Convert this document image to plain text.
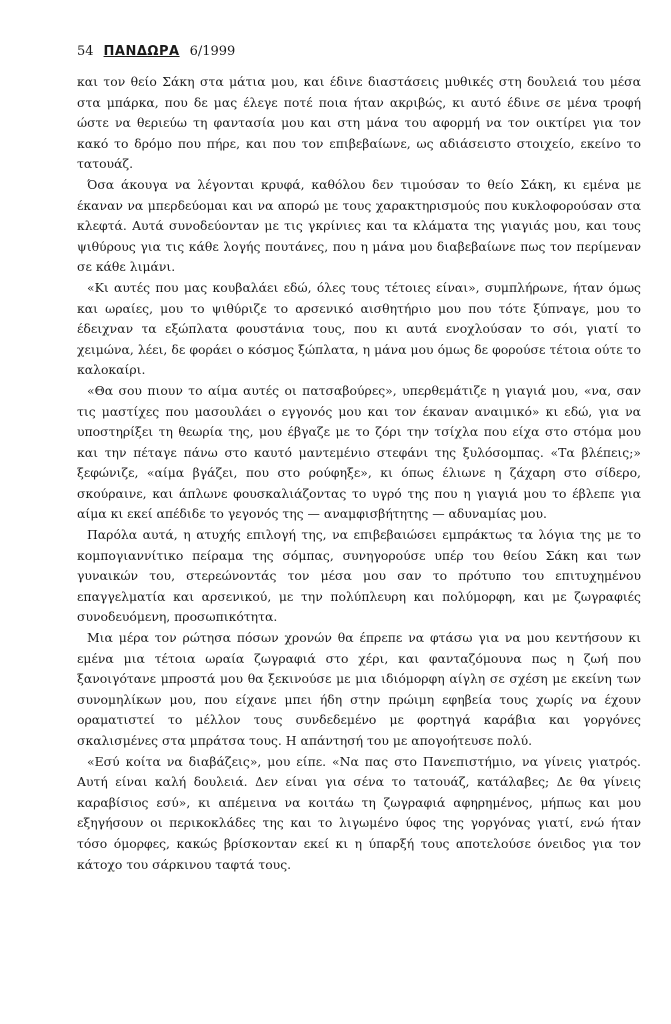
54 ΠΑΝΔΩΡΑ 6/1999

και τον θείο Σάκη στα μάτια μου, και έδινε διαστάσεις μυθικές στη δουλειά του μέσα στα μπάρκα, που δε μας έλεγε ποτέ ποια ήταν ακριβώς, κι αυτό έδινε σε μένα τροφή ώστε να θεριεύω τη φαντασία μου και στη μάνα του αφορμή να τον οικτίρει για τον κακό το δρόμο που πήρε, και που τον επιβεβαίωνε, ως αδιάσειστο στοιχείο, εκείνο το τατουάζ.

Όσα άκουγα να λέγονται κρυφά, καθόλου δεν τιμούσαν το θείο Σάκη, κι εμένα με έκαναν να μπερδεύομαι και να απορώ με τους χαρακτηρισμούς που κυκλοφορούσαν στα κλεφτά. Αυτά συνοδεύονταν με τις γκρίνιες και τα κλάματα της γιαγιάς μου, και τους ψιθύρους για τις κάθε λογής πουτάνες, που η μάνα μου διαβεβαίωνε πως τον περίμεναν σε κάθε λιμάνι.

«Κι αυτές που μας κουβαλάει εδώ, όλες τους τέτοιες είναι», συμπλήρωνε, ήταν όμως και ωραίες, μου το ψιθύριζε το αρσενικό αισθητήριο μου που τότε ξύπναγε, μου το έδειχναν τα εξώπλατα φουστάνια τους, που κι αυτά ενοχλούσαν το σόι, γιατί το χειμώνα, λέει, δε φοράει ο κόσμος ξώπλατα, η μάνα μου όμως δε φορούσε τέτοια ούτε το καλοκαίρι.

«Θα σου πιουν το αίμα αυτές οι πατσαβούρες», υπερθεμάτιζε η γιαγιά μου, «να, σαν τις μαστίχες που μασουλάει ο εγγονός μου και τον έκαναν αναιμικό» κι εδώ, για να υποστηρίξει τη θεωρία της, μου έβγαζε με το ζόρι την τσίχλα που είχα στο στόμα μου και την πέταγε πάνω στο καυτό μαντεμένιο στεφάνι της ξυλόσομπας. «Τα βλέπεις;» ξεφώνιζε, «αίμα βγάζει, που στο ρούφηξε», κι όπως έλιωνε η ζάχαρη στο σίδερο, σκούραινε, και άπλωνε φουσκαλιάζοντας το υγρό της που η γιαγιά μου το έβλεπε για αίμα κι εκεί απέδιδε το γεγονός της — αναμφισβήτητης — αδυναμίας μου.

Παρόλα αυτά, η ατυχής επιλογή της, να επιβεβαιώσει εμπράκτως τα λόγια της με το κομπογιαννίτικο πείραμα της σόμπας, συνηγορούσε υπέρ του θείου Σάκη και των γυναικών του, στερεώνοντάς τον μέσα μου σαν το πρότυπο του επιτυχημένου επαγγελματία και αρσενικού, με την πολύπλευρη και πολύμορφη, και με ζωγραφιές συνοδευόμενη, προσωπικότητα.

Μια μέρα τον ρώτησα πόσων χρονών θα έπρεπε να φτάσω για να μου κεντήσουν κι εμένα μια τέτοια ωραία ζωγραφιά στο χέρι, και φανταζόμουνα πως η ζωή που ξανοιγότανε μπροστά μου θα ξεκινούσε με μια ιδιόμορφη αίγλη σε σχέση με εκείνη των συνομηλίκων μου, που είχανε μπει ήδη στην πρώιμη εφηβεία τους χωρίς να έχουν οραματιστεί το μέλλον τους συνδεδεμένο με φορτηγά καράβια και γοργόνες σκαλισμένες στα μπράτσα τους. Η απάντησή του με απογοήτευσε πολύ.

«Εσύ κοίτα να διαβάζεις», μου είπε. «Να πας στο Πανεπιστήμιο, να γίνεις γιατρός. Αυτή είναι καλή δουλειά. Δεν είναι για σένα το τατουάζ, κατάλαβες; Δε θα γίνεις καραβίσιος εσύ», κι απέμεινα να κοιτάω τη ζωγραφιά αφηρημένος, μήπως και μου εξηγήσουν οι περικοκλάδες της και το λιγωμένο ύφος της γοργόνας γιατί, ενώ ήταν τόσο όμορφες, κακώς βρίσκονταν εκεί κι η ύπαρξή τους αποτελούσε όνειδος για τον κάτοχο του σάρκινου ταφτά τους.
